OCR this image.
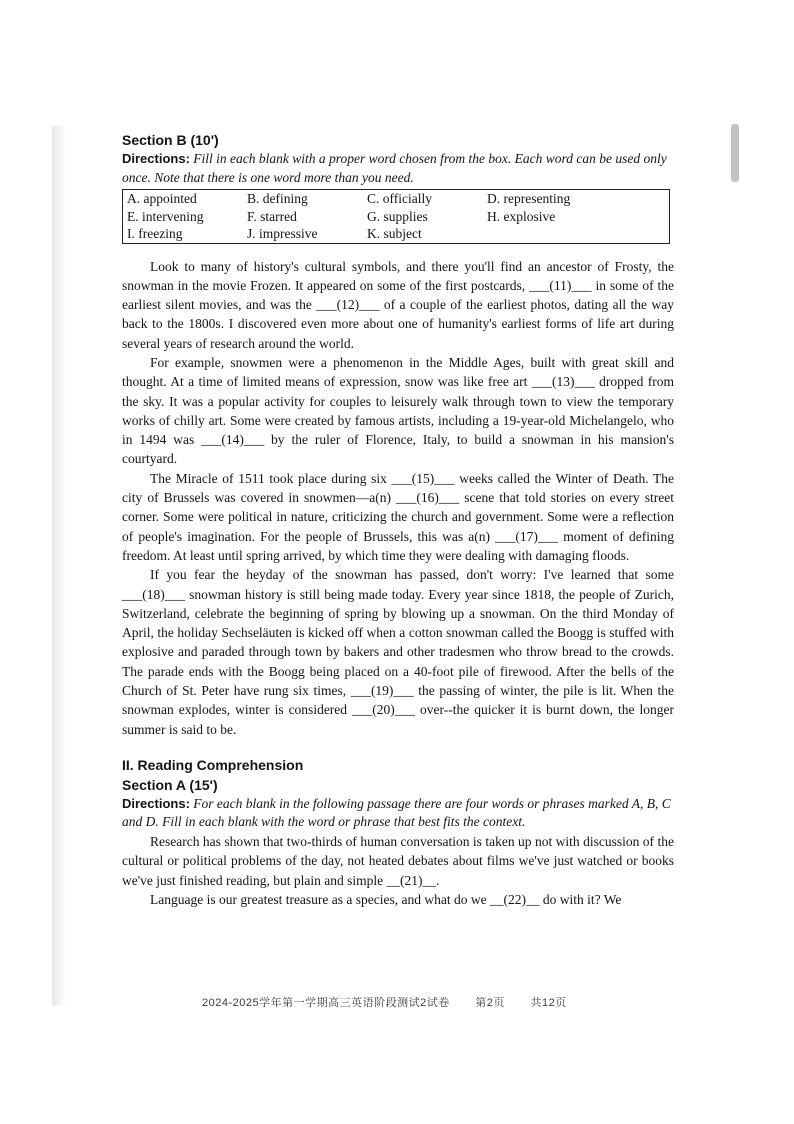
Section B (10')

Directions: Fill in each blank with a proper word chosen from the box. Each word can be used only once. Note that there is one word more than you need.

A. appointed	B. defining	C. officially	D. representing
E. intervening	F. starred	G. supplies	H. explosive
I. freezing	J. impressive	K. subject	

Look to many of history's cultural symbols, and there you'll find an ancestor of Frosty, the snowman in the movie Frozen. It appeared on some of the first postcards, ___(11)___ in some of the earliest silent movies, and was the ___(12)___ of a couple of the earliest photos, dating all the way back to the 1800s. I discovered even more about one of humanity's earliest forms of life art during several years of research around the world.

For example, snowmen were a phenomenon in the Middle Ages, built with great skill and thought. At a time of limited means of expression, snow was like free art ___(13)___ dropped from the sky. It was a popular activity for couples to leisurely walk through town to view the temporary works of chilly art. Some were created by famous artists, including a 19-year-old Michelangelo, who in 1494 was ___(14)___ by the ruler of Florence, Italy, to build a snowman in his mansion's courtyard.

The Miracle of 1511 took place during six ___(15)___ weeks called the Winter of Death. The city of Brussels was covered in snowmen—a(n) ___(16)___ scene that told stories on every street corner. Some were political in nature, criticizing the church and government. Some were a reflection of people's imagination. For the people of Brussels, this was a(n) ___(17)___ moment of defining freedom. At least until spring arrived, by which time they were dealing with damaging floods.

If you fear the heyday of the snowman has passed, don't worry: I've learned that some ___(18)___ snowman history is still being made today. Every year since 1818, the people of Zurich, Switzerland, celebrate the beginning of spring by blowing up a snowman. On the third Monday of April, the holiday Sechseläuten is kicked off when a cotton snowman called the Boogg is stuffed with explosive and paraded through town by bakers and other tradesmen who throw bread to the crowds. The parade ends with the Boogg being placed on a 40-foot pile of firewood. After the bells of the Church of St. Peter have rung six times, ___(19)___ the passing of winter, the pile is lit. When the snowman explodes, winter is considered ___(20)___ over--the quicker it is burnt down, the longer summer is said to be.

II. Reading Comprehension
Section A (15')

Directions: For each blank in the following passage there are four words or phrases marked A, B, C and D. Fill in each blank with the word or phrase that best fits the context.

Research has shown that two-thirds of human conversation is taken up not with discussion of the cultural or political problems of the day, not heated debates about films we've just watched or books we've just finished reading, but plain and simple __(21)__.

Language is our greatest treasure as a species, and what do we __(22)__ do with it? We

2024-2025学年第一学期高三英语阶段测试2试卷 第2页 共12页
